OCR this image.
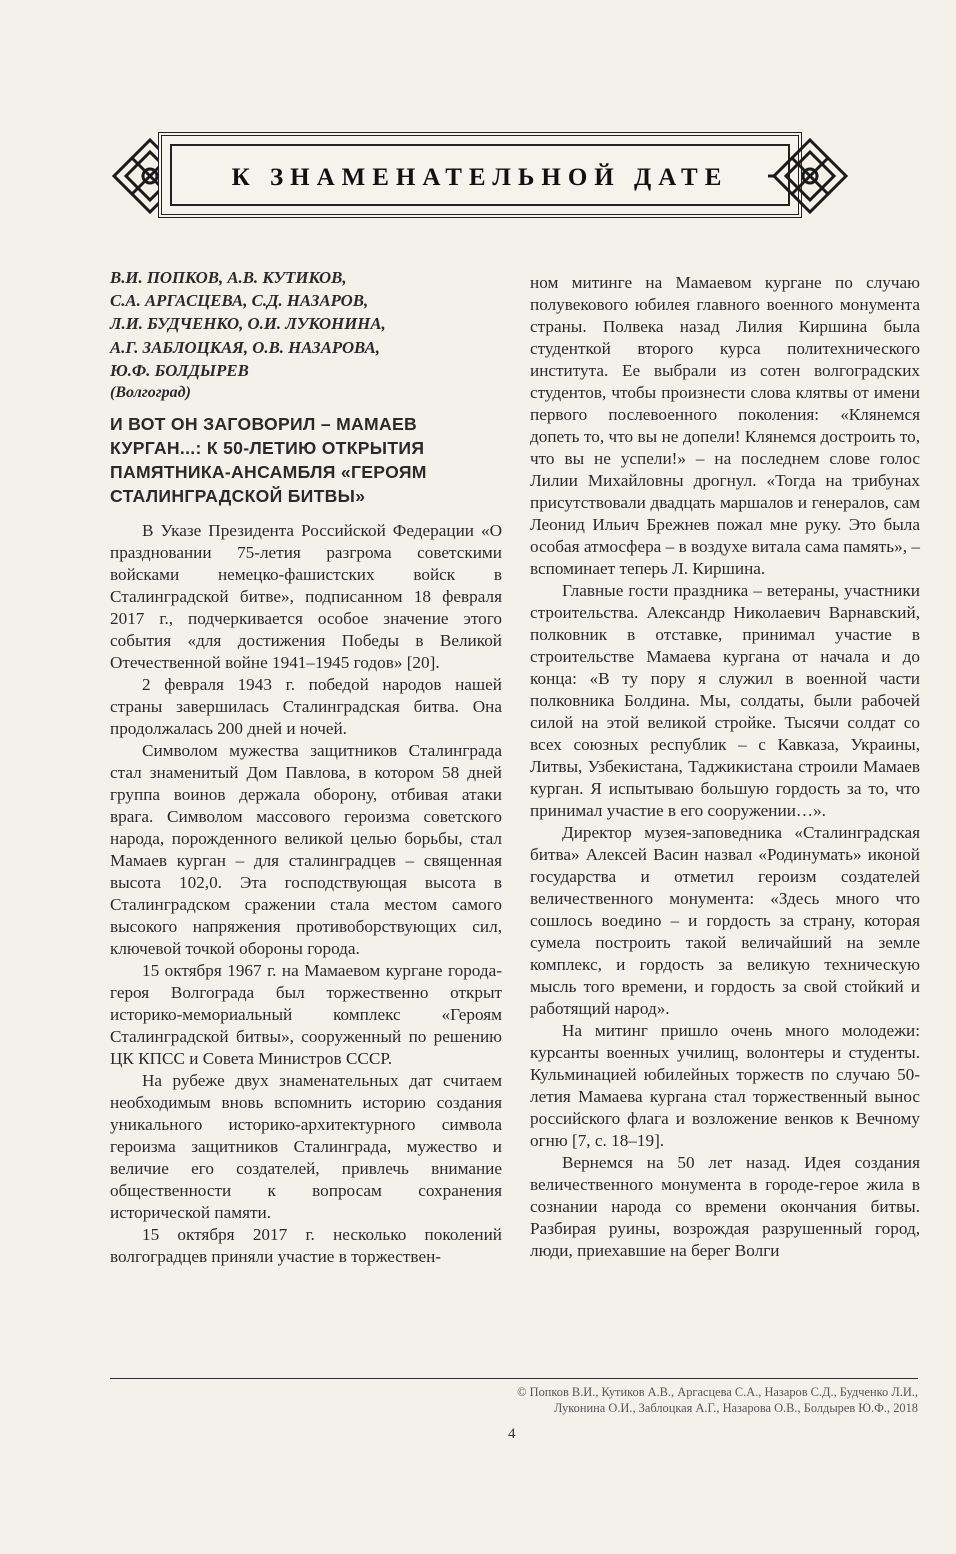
К ЗНАМЕНАТЕЛЬНОЙ ДАТЕ
В.И. ПОПКОВ, А.В. КУТИКОВ,
С.А. АРГАСЦЕВА, С.Д. НАЗАРОВ,
Л.И. БУДЧЕНКО, О.И. ЛУКОНИНА,
А.Г. ЗАБЛОЦКАЯ, О.В. НАЗАРОВА,
Ю.Ф. БОЛДЫРЕВ
(Волгоград)
И ВОТ ОН ЗАГОВОРИЛ – МАМАЕВ КУРГАН...: К 50-ЛЕТИЮ ОТКРЫТИЯ ПАМЯТНИКА-АНСАМБЛЯ «ГЕРОЯМ СТАЛИНГРАДСКОЙ БИТВЫ»

В Указе Президента Российской Федерации «О праздновании 75-летия разгрома советскими войсками немецко-фашистских войск в Сталинградской битве», подписанном 18 февраля 2017 г., подчеркивается особое значение этого события «для достижения Победы в Великой Отечественной войне 1941–1945 годов» [20].

2 февраля 1943 г. победой народов нашей страны завершилась Сталинградская битва. Она продолжалась 200 дней и ночей.

Символом мужества защитников Сталинграда стал знаменитый Дом Павлова, в котором 58 дней группа воинов держала оборону, отбивая атаки врага. Символом массового героизма советского народа, порожденного великой целью борьбы, стал Мамаев курган – для сталинградцев – священная высота 102,0. Эта господствующая высота в Сталинградском сражении стала местом самого высокого напряжения противоборствующих сил, ключевой точкой обороны города.

15 октября 1967 г. на Мамаевом кургане города-героя Волгограда был торжественно открыт историко-мемориальный комплекс «Героям Сталинградской битвы», сооруженный по решению ЦК КПСС и Совета Министров СССР.

На рубеже двух знаменательных дат считаем необходимым вновь вспомнить историю создания уникального историко-архитектурного символа героизма защитников Сталинграда, мужество и величие его создателей, привлечь внимание общественности к вопросам сохранения исторической памяти.

15 октября 2017 г. несколько поколений волгоградцев приняли участие в торжествен-

ном митинге на Мамаевом кургане по случаю полувекового юбилея главного военного монумента страны. Полвека назад Лилия Киршина была студенткой второго курса политехнического института. Ее выбрали из сотен волгоградских студентов, чтобы произнести слова клятвы от имени первого послевоенного поколения: «Клянемся допеть то, что вы не допели! Клянемся достроить то, что вы не успели!» – на последнем слове голос Лилии Михайловны дрогнул. «Тогда на трибунах присутствовали двадцать маршалов и генералов, сам Леонид Ильич Брежнев пожал мне руку. Это была особая атмосфера – в воздухе витала сама память», – вспоминает теперь Л. Киршина.

Главные гости праздника – ветераны, участники строительства. Александр Николаевич Варнавский, полковник в отставке, принимал участие в строительстве Мамаева кургана от начала и до конца: «В ту пору я служил в военной части полковника Болдина. Мы, солдаты, были рабочей силой на этой великой стройке. Тысячи солдат со всех союзных республик – с Кавказа, Украины, Литвы, Узбекистана, Таджикистана строили Мамаев курган. Я испытываю большую гордость за то, что принимал участие в его сооружении…».

Директор музея-заповедника «Сталинградская битва» Алексей Васин назвал «Родинумать» иконой государства и отметил героизм создателей величественного монумента: «Здесь много что сошлось воедино – и гордость за страну, которая сумела построить такой величайший на земле комплекс, и гордость за великую техническую мысль того времени, и гордость за свой стойкий и работящий народ».

На митинг пришло очень много молодежи: курсанты военных училищ, волонтеры и студенты. Кульминацией юбилейных торжеств по случаю 50-летия Мамаева кургана стал торжественный вынос российского флага и возложение венков к Вечному огню [7, с. 18–19].

Вернемся на 50 лет назад. Идея создания величественного монумента в городе-герое жила в сознании народа со времени окончания битвы. Разбирая руины, возрождая разрушенный город, люди, приехавшие на берег Волги

© Попков В.И., Кутиков А.В., Аргасцева С.А., Назаров С.Д., Будченко Л.И.,
Луконина О.И., Заблоцкая А.Г., Назарова О.В., Болдырев Ю.Ф., 2018
4
